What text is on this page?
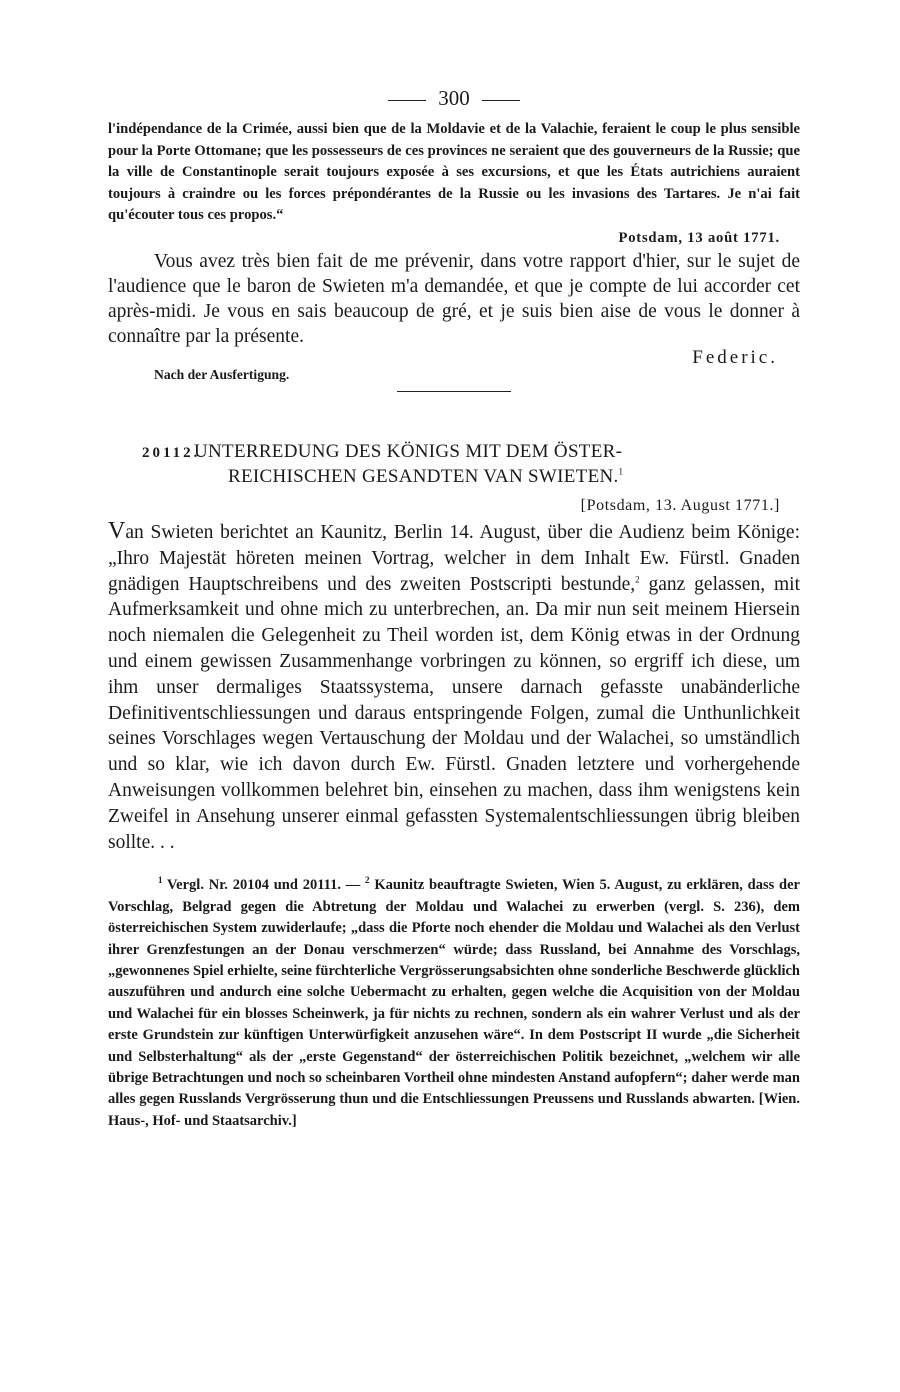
300

l'indépendance de la Crimée, aussi bien que de la Moldavie et de la Valachie, feraient le coup le plus sensible pour la Porte Ottomane; que les possesseurs de ces provinces ne seraient que des gouverneurs de la Russie; que la ville de Constantinople serait toujours exposée à ses excursions, et que les États autrichiens auraient toujours à craindre ou les forces prépondérantes de la Russie ou les invasions des Tartares. Je n'ai fait qu'écouter tous ces propos.“

Potsdam, 13 août 1771.

Vous avez très bien fait de me prévenir, dans votre rapport d'hier, sur le sujet de l'audience que le baron de Swieten m'a demandée, et que je compte de lui accorder cet après-midi. Je vous en sais beaucoup de gré, et je suis bien aise de vous le donner à connaître par la présente.

Federic.
Nach der Ausfertigung.
20112.UNTERREDUNG DES KÖNIGS MIT DEM ÖSTER-
REICHISCHEN GESANDTEN VAN SWIETEN.$^1$
[Potsdam, 13. August 1771.]

Van Swieten berichtet an Kaunitz, Berlin 14. August, über die Audienz beim Könige: „Ihro Majestät höreten meinen Vortrag, welcher in dem Inhalt Ew. Fürstl. Gnaden gnädigen Hauptschreibens und des zweiten Postscripti bestunde,$^2$ ganz gelassen, mit Aufmerksamkeit und ohne mich zu unterbrechen, an. Da mir nun seit meinem Hiersein noch niemalen die Gelegenheit zu Theil worden ist, dem König etwas in der Ordnung und einem gewissen Zusammenhange vorbringen zu können, so ergriff ich diese, um ihm unser dermaliges Staatssystema, unsere darnach gefasste unabänderliche Definitiventschliessungen und daraus entspringende Folgen, zumal die Unthunlichkeit seines Vorschlages wegen Vertauschung der Moldau und der Walachei, so umständlich und so klar, wie ich davon durch Ew. Fürstl. Gnaden letztere und vorhergehende Anweisungen vollkommen belehret bin, einsehen zu machen, dass ihm wenigstens kein Zweifel in Ansehung unserer einmal gefassten Systemalentschliessungen übrig bleiben sollte. . .

$^1$ Vergl. Nr. 20104 und 20111. — $^2$ Kaunitz beauftragte Swieten, Wien 5. August, zu erklären, dass der Vorschlag, Belgrad gegen die Abtretung der Moldau und Walachei zu erwerben (vergl. S. 236), dem österreichischen System zuwiderlaufe; „dass die Pforte noch ehender die Moldau und Walachei als den Verlust ihrer Grenzfestungen an der Donau verschmerzen“ würde; dass Russland, bei Annahme des Vorschlags, „gewonnenes Spiel erhielte, seine fürchterliche Vergrösserungsabsichten ohne sonderliche Beschwerde glücklich auszuführen und andurch eine solche Uebermacht zu erhalten, gegen welche die Acquisition von der Moldau und Walachei für ein blosses Scheinwerk, ja für nichts zu rechnen, sondern als ein wahrer Verlust und als der erste Grundstein zur künftigen Unterwürfigkeit anzusehen wäre“. In dem Postscript II wurde „die Sicherheit und Selbsterhaltung“ als der „erste Gegenstand“ der österreichischen Politik bezeichnet, „welchem wir alle übrige Betrachtungen und noch so scheinbaren Vortheil ohne mindesten Anstand aufopfern“; daher werde man alles gegen Russlands Vergrösserung thun und die Entschliessungen Preussens und Russlands abwarten. [Wien. Haus-, Hof- und Staatsarchiv.]
